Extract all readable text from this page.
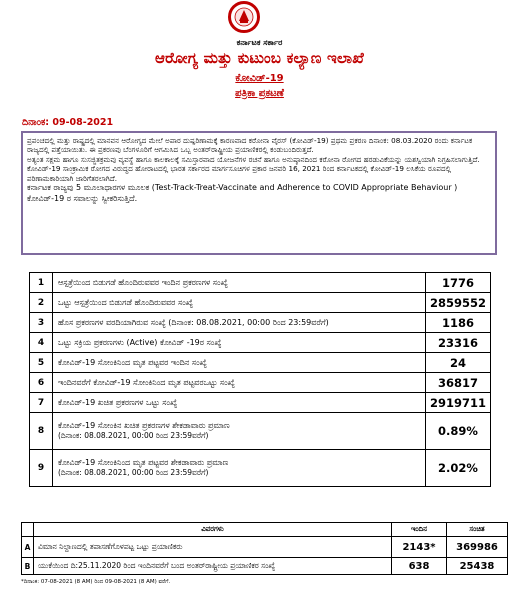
ಕರ್ನಾಟಕ ಸರ್ಕಾರ
ಆರೋಗ್ಯ ಮತ್ತು ಕುಟುಂಬ ಕಲ್ಯಾಣ ಇಲಾಖೆ
ಕೋವಿಡ್-19
ಪತ್ರಿಕಾ ಪ್ರಕಟಣೆ
ದಿನಾಂಕ: 09-08-2021

ಪ್ರಪಂಚದಲ್ಲಿ ಮತ್ತು ರಾಷ್ಟ್ರದಲ್ಲಿ ಮಾನವನ ಆರೋಗ್ಯದ ಮೇಲೆ ಅಪಾರ ದುಷ್ಪರಿಣಾಮಕ್ಕೆ ಕಾರಣವಾದ ಕರೋನಾ ವೈರಸ್ (ಕೋವಿಡ್-19) ಪ್ರಥಮ ಪ್ರಕರಣ ದಿನಾಂಕ: 08.03.2020 ರಂದು ಕರ್ನಾಟಕ ರಾಜ್ಯದಲ್ಲಿ ಪತ್ತೆಯಾಯಿತು. ಈ ಪ್ರಕರಣವು ಬೆಂಗಳೂರಿಗೆ ಆಗಮಿಸಿದ ಒಬ್ಬ ಅಂತರ್‌ರಾಷ್ಟ್ರೀಯ ಪ್ರಯಾಣಿಕರಲ್ಲಿ ಕಂಡುಬಂದಿರುತ್ತದೆ.

ಅತ್ಯಂತ ಸಕ್ಷಮ ಹಾಗೂ ಸುಸಜ್ಜಿತಕ್ರಮವು ವ್ಯವಸ್ಥೆ ಹಾಗೂ ಕಾಲಕಾಲಕ್ಕೆ ಸಮಿಸ್ತಾರವಾದ ಯೋಜನೆಗಳ ರಚನೆ ಹಾಗೂ ಅನುಷ್ಠಾನದಿಂದ ಕರೋನಾ ರೋಗದ ಹರಡುವಿಕೆಯನ್ನು ಯಶಸ್ವಿಯಾಗಿ ನಿಗ್ರಹಿಸಲಾಗುತ್ತಿದೆ.

ಕೋವಿಡ್-19 ಸಾಂಕ್ರಾಮಿಕ ರೋಗದ ವಿರುದ್ಧದ ಹೋರಾಟದಲ್ಲಿ ಭಾರತ ಸರ್ಕಾರದ ಮಾರ್ಗಸೂಚಿಗಳ ಪ್ರಕಾರ ಜನವರಿ 16, 2021 ರಿಂದ ಕರ್ನಾಟಕದಲ್ಲಿ ಕೋವಿಡ್-19 ಲಸಿಕೆಯ ರೂಪದಲ್ಲಿ ಪರಿಣಾಮಕಾರಿಯಾಗಿ ಜಾರಿಗೆತರಲಾಗಿದೆ.

ಕರ್ನಾಟಕ ರಾಜ್ಯವು 5 ಮೂಲಾಧಾರಗಳ ಮೂಲಕ (Test-Track-Treat-Vaccinate and Adherence to COVID Appropriate Behaviour ) ಕೋವಿಡ್-19 ರ ಸವಾಲನ್ನು ಸ್ವೀಕರಿಸುತ್ತಿದೆ.

1	ಆಸ್ಪತ್ರೆಯಿಂದ ಬಿಡುಗಡೆ ಹೊಂದಿರುವವರ ಇಂದಿನ ಪ್ರಕರಣಗಳ ಸಂಖ್ಯೆ	1776
2	ಒಟ್ಟು ಆಸ್ಪತ್ರೆಯಿಂದ ಬಿಡುಗಡೆ ಹೊಂದಿರುವವರ ಸಂಖ್ಯೆ	2859552
3	ಹೊಸ ಪ್ರಕರಣಗಳ ವರದಿಯಾಗಿರುವ ಸಂಖ್ಯೆ (ದಿನಾಂಕ: 08.08.2021, 00:00 ರಿಂದ 23:59ವರೆಗೆ)	1186
4	ಒಟ್ಟು ಸಕ್ರಿಯ ಪ್ರಕರಣಗಳು (Active) ಕೋವಿಡ್ -19ರ ಸಂಖ್ಯೆ	23316
5	ಕೋವಿಡ್-19 ಸೋಂಕಿನಿಂದ ಮೃತ ಪಟ್ಟವರ ಇಂದಿನ ಸಂಖ್ಯೆ	24
6	ಇಂದಿನವರೆಗೆ ಕೋವಿಡ್-19 ಸೋಂಕಿನಿಂದ ಮೃತ ಪಟ್ಟವರಒಟ್ಟು ಸಂಖ್ಯೆ	36817
7	ಕೋವಿಡ್-19 ಖಚಿತ ಪ್ರಕರಣಗಳ ಒಟ್ಟು ಸಂಖ್ಯೆ	2919711
8	ಕೋವಿಡ್-19 ಸೋಂಕಿನ ಖಚಿತ ಪ್ರಕರಣಗಳ ಶೇಕಡಾವಾರು ಪ್ರಮಾಣ
(ದಿನಾಂಕ: 08.08.2021, 00:00 ರಿಂದ 23:59ವರೆಗೆ)	0.89%
9	ಕೋವಿಡ್-19 ಸೋಂಕಿನಿಂದ ಮೃತ ಪಟ್ಟವರ ಶೇಕಡಾವಾರು ಪ್ರಮಾಣ
(ದಿನಾಂಕ: 08.08.2021, 00:00 ರಿಂದ 23:59ವರೆಗೆ)	2.02%
	ವಿವರಗಳು	ಇಂದಿನ	ಸಂಚಿತ
A	ವಿಮಾನ ನಿಲ್ದಾಣದಲ್ಲಿ ತಪಾಸಣೆಗೊಳಪಟ್ಟ ಒಟ್ಟು ಪ್ರಯಾಣಿಕರು	2143*	369986
B	ಯುಕೆಯಿಂದ ದಿ:25.11.2020 ರಿಂದ ಇಂದಿನವರೆಗೆ ಬಂದ ಅಂತರ್‌ರಾಷ್ಟ್ರೀಯ ಪ್ರಯಾಣಿಕರ ಸಂಖ್ಯೆ	638	25438
*ದಿನಾಂಕ: 07-08-2021 (8 AM) ರಿಂದ 09-08-2021 (8 AM) ವರೆಗೆ.
